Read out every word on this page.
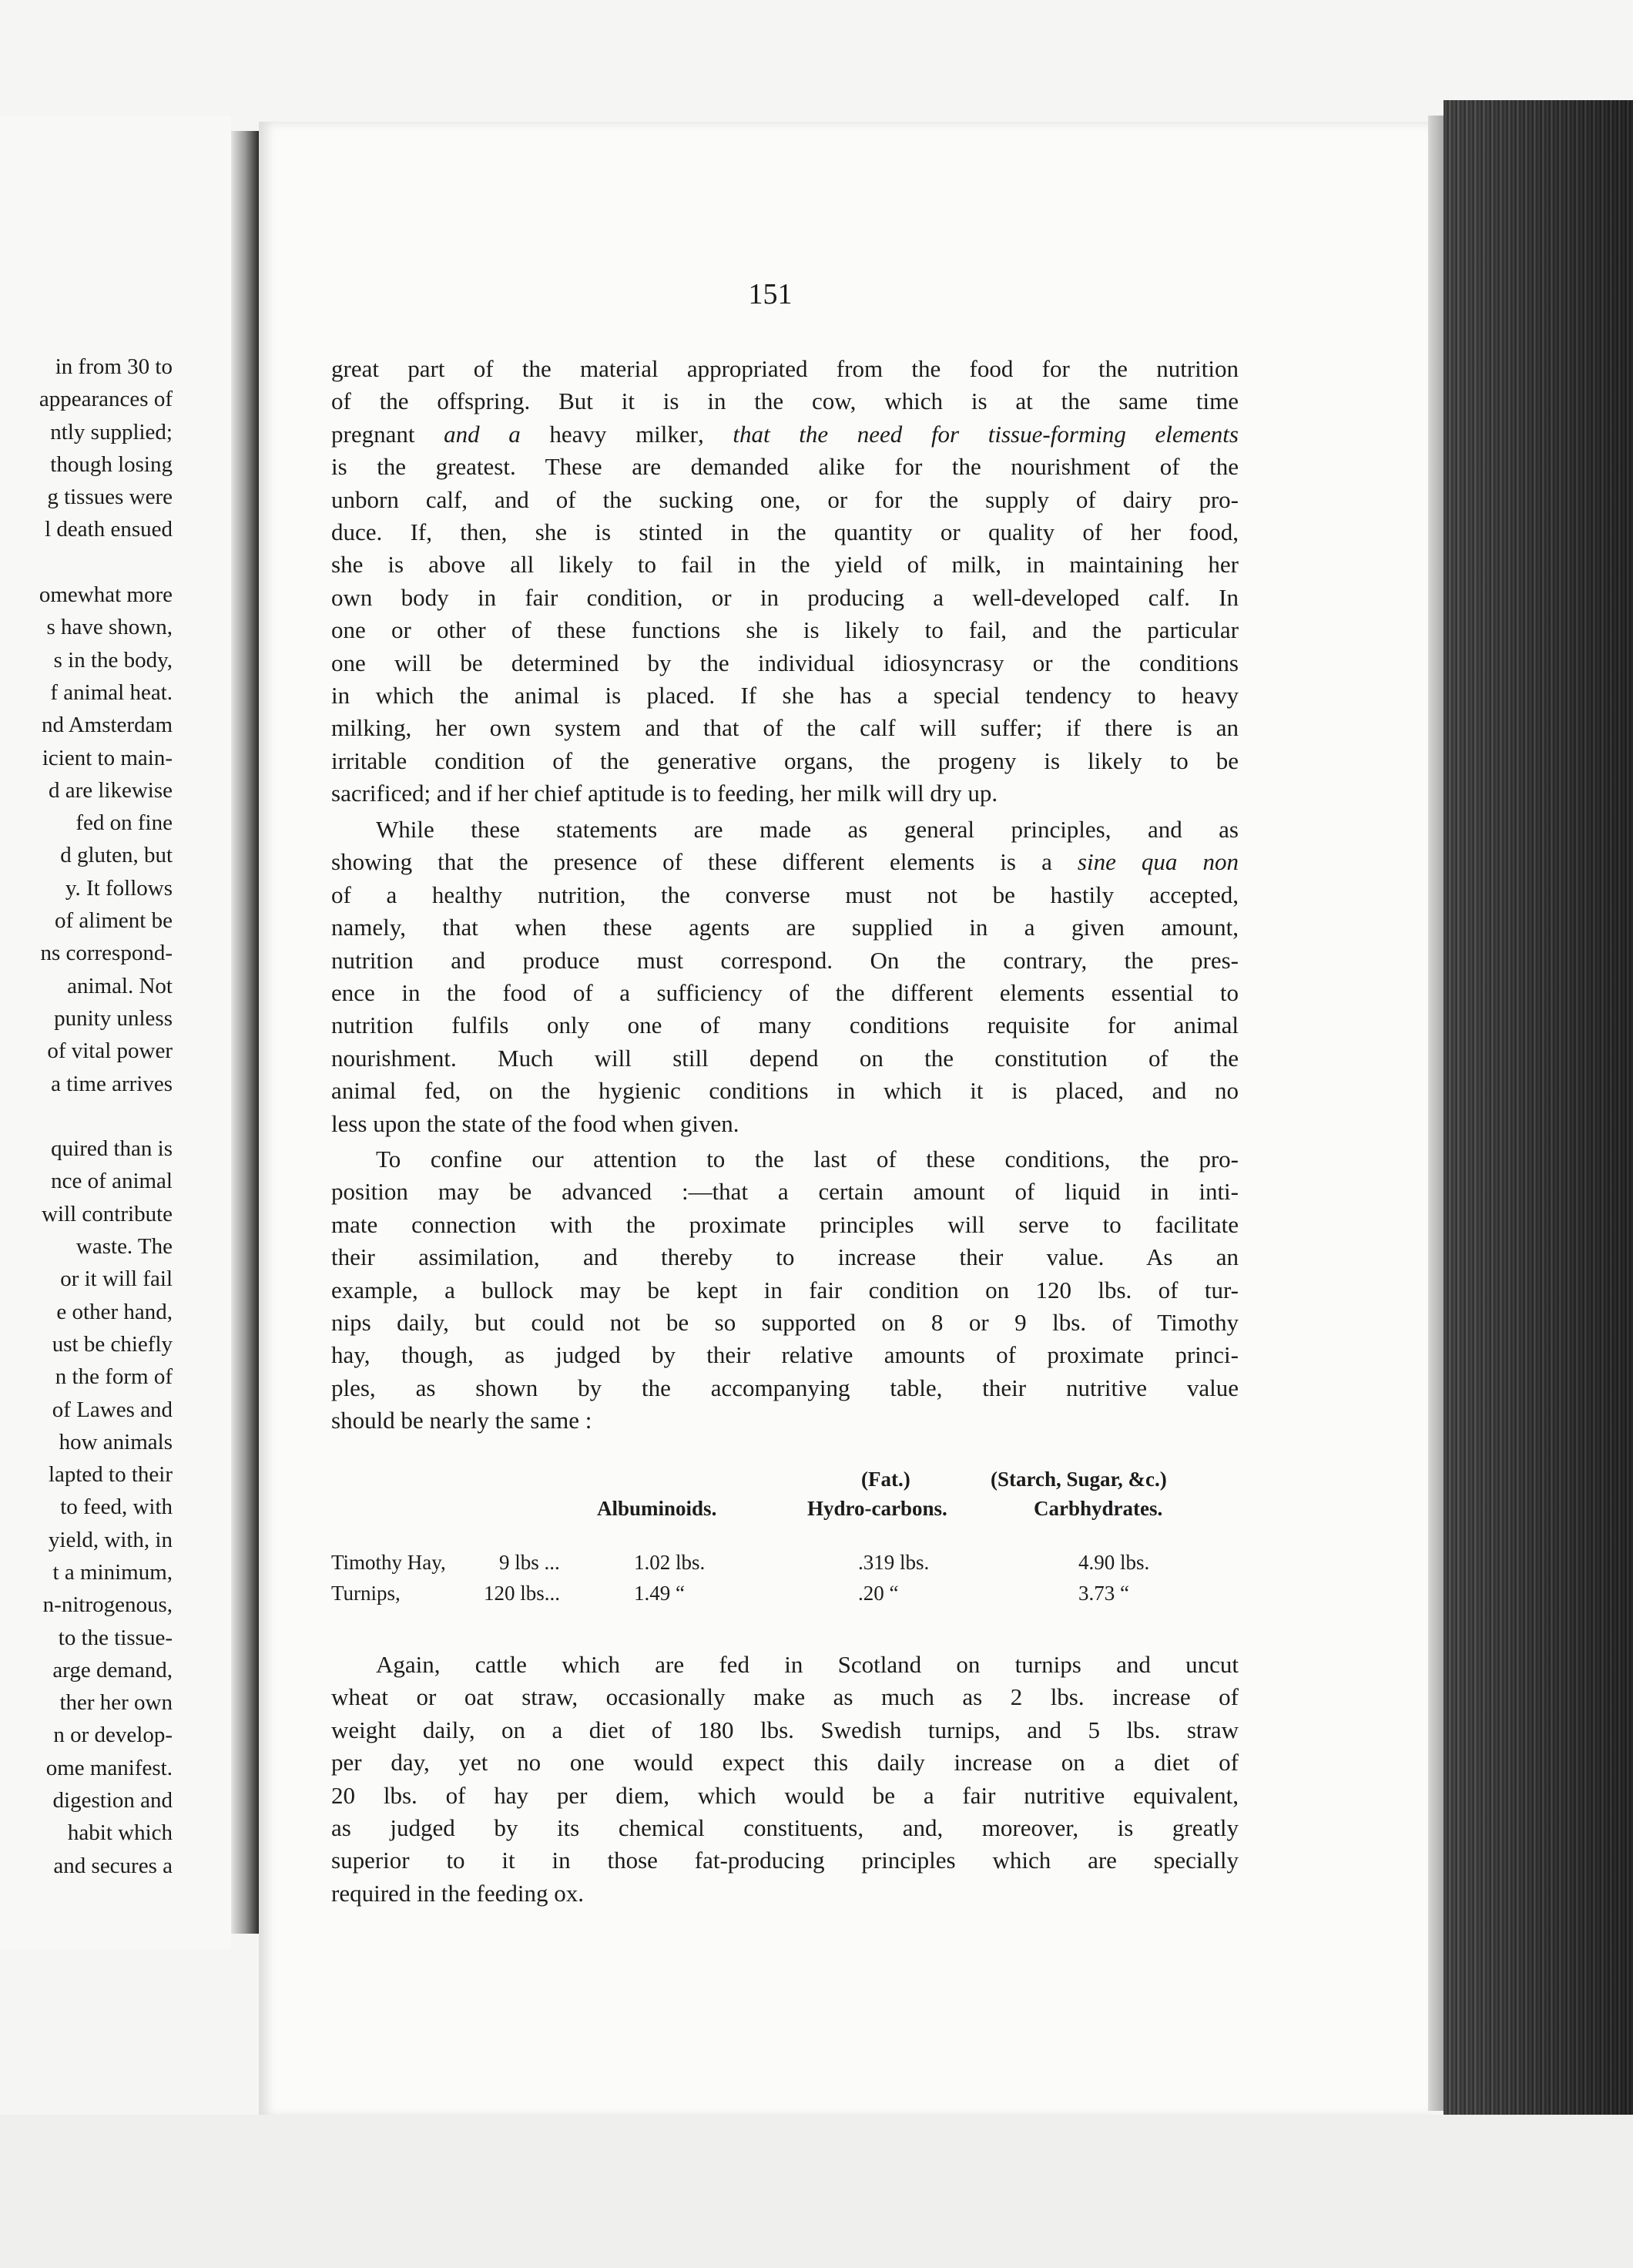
in from 30 to
appearances of
ntly supplied;
though losing
g tissues were
l death ensued
omewhat more
s have shown,
s in the body,
f animal heat.
nd Amsterdam
icient to main-
d are likewise
fed on fine
d gluten, but
y. It follows
of aliment be
ns correspond-
animal. Not
punity unless
of vital power
a time arrives
quired than is
nce of animal
will contribute
waste. The
or it will fail
e other hand,
ust be chiefly
n the form of
of Lawes and
how animals
lapted to their
to feed, with
yield, with, in
t a minimum,
n-nitrogenous,
to the tissue-
arge demand,
ther her own
n or develop-
ome manifest.
digestion and
habit which
and secures a
151
great part of the material appropriated from the food for the nutrition
of the offspring. But it is in the cow, which is at the same time
pregnant and a heavy milker, that the need for tissue-forming elements
is the greatest. These are demanded alike for the nourishment of the
unborn calf, and of the sucking one, or for the supply of dairy pro-
duce. If, then, she is stinted in the quantity or quality of her food,
she is above all likely to fail in the yield of milk, in maintaining her
own body in fair condition, or in producing a well-developed calf. In
one or other of these functions she is likely to fail, and the particular
one will be determined by the individual idiosyncrasy or the conditions
in which the animal is placed. If she has a special tendency to heavy
milking, her own system and that of the calf will suffer; if there is an
irritable condition of the generative organs, the progeny is likely to be
sacrificed; and if her chief aptitude is to feeding, her milk will dry up.
While these statements are made as general principles, and as
showing that the presence of these different elements is a sine qua non
of a healthy nutrition, the converse must not be hastily accepted,
namely, that when these agents are supplied in a given amount,
nutrition and produce must correspond. On the contrary, the pres-
ence in the food of a sufficiency of the different elements essential to
nutrition fulfils only one of many conditions requisite for animal
nourishment. Much will still depend on the constitution of the
animal fed, on the hygienic conditions in which it is placed, and no
less upon the state of the food when given.
To confine our attention to the last of these conditions, the pro-
position may be advanced :—that a certain amount of liquid in inti-
mate connection with the proximate principles will serve to facilitate
their assimilation, and thereby to increase their value. As an
example, a bullock may be kept in fair condition on 120 lbs. of tur-
nips daily, but could not be so supported on 8 or 9 lbs. of Timothy
hay, though, as judged by their relative amounts of proximate princi-
ples, as shown by the accompanying table, their nutritive value
should be nearly the same :
(Fat.)	(Starch, Sugar, &c.)
Albuminoids.	Hydro-carbons.	Carbhydrates.
Timothy Hay,	9 lbs ...	1.02 lbs.	.319 lbs.	4.90 lbs.
Turnips,	120 lbs...	1.49 “	.20 “	3.73 “
Again, cattle which are fed in Scotland on turnips and uncut
wheat or oat straw, occasionally make as much as 2 lbs. increase of
weight daily, on a diet of 180 lbs. Swedish turnips, and 5 lbs. straw
per day, yet no one would expect this daily increase on a diet of
20 lbs. of hay per diem, which would be a fair nutritive equivalent,
as judged by its chemical constituents, and, moreover, is greatly
superior to it in those fat-producing principles which are specially
required in the feeding ox.
